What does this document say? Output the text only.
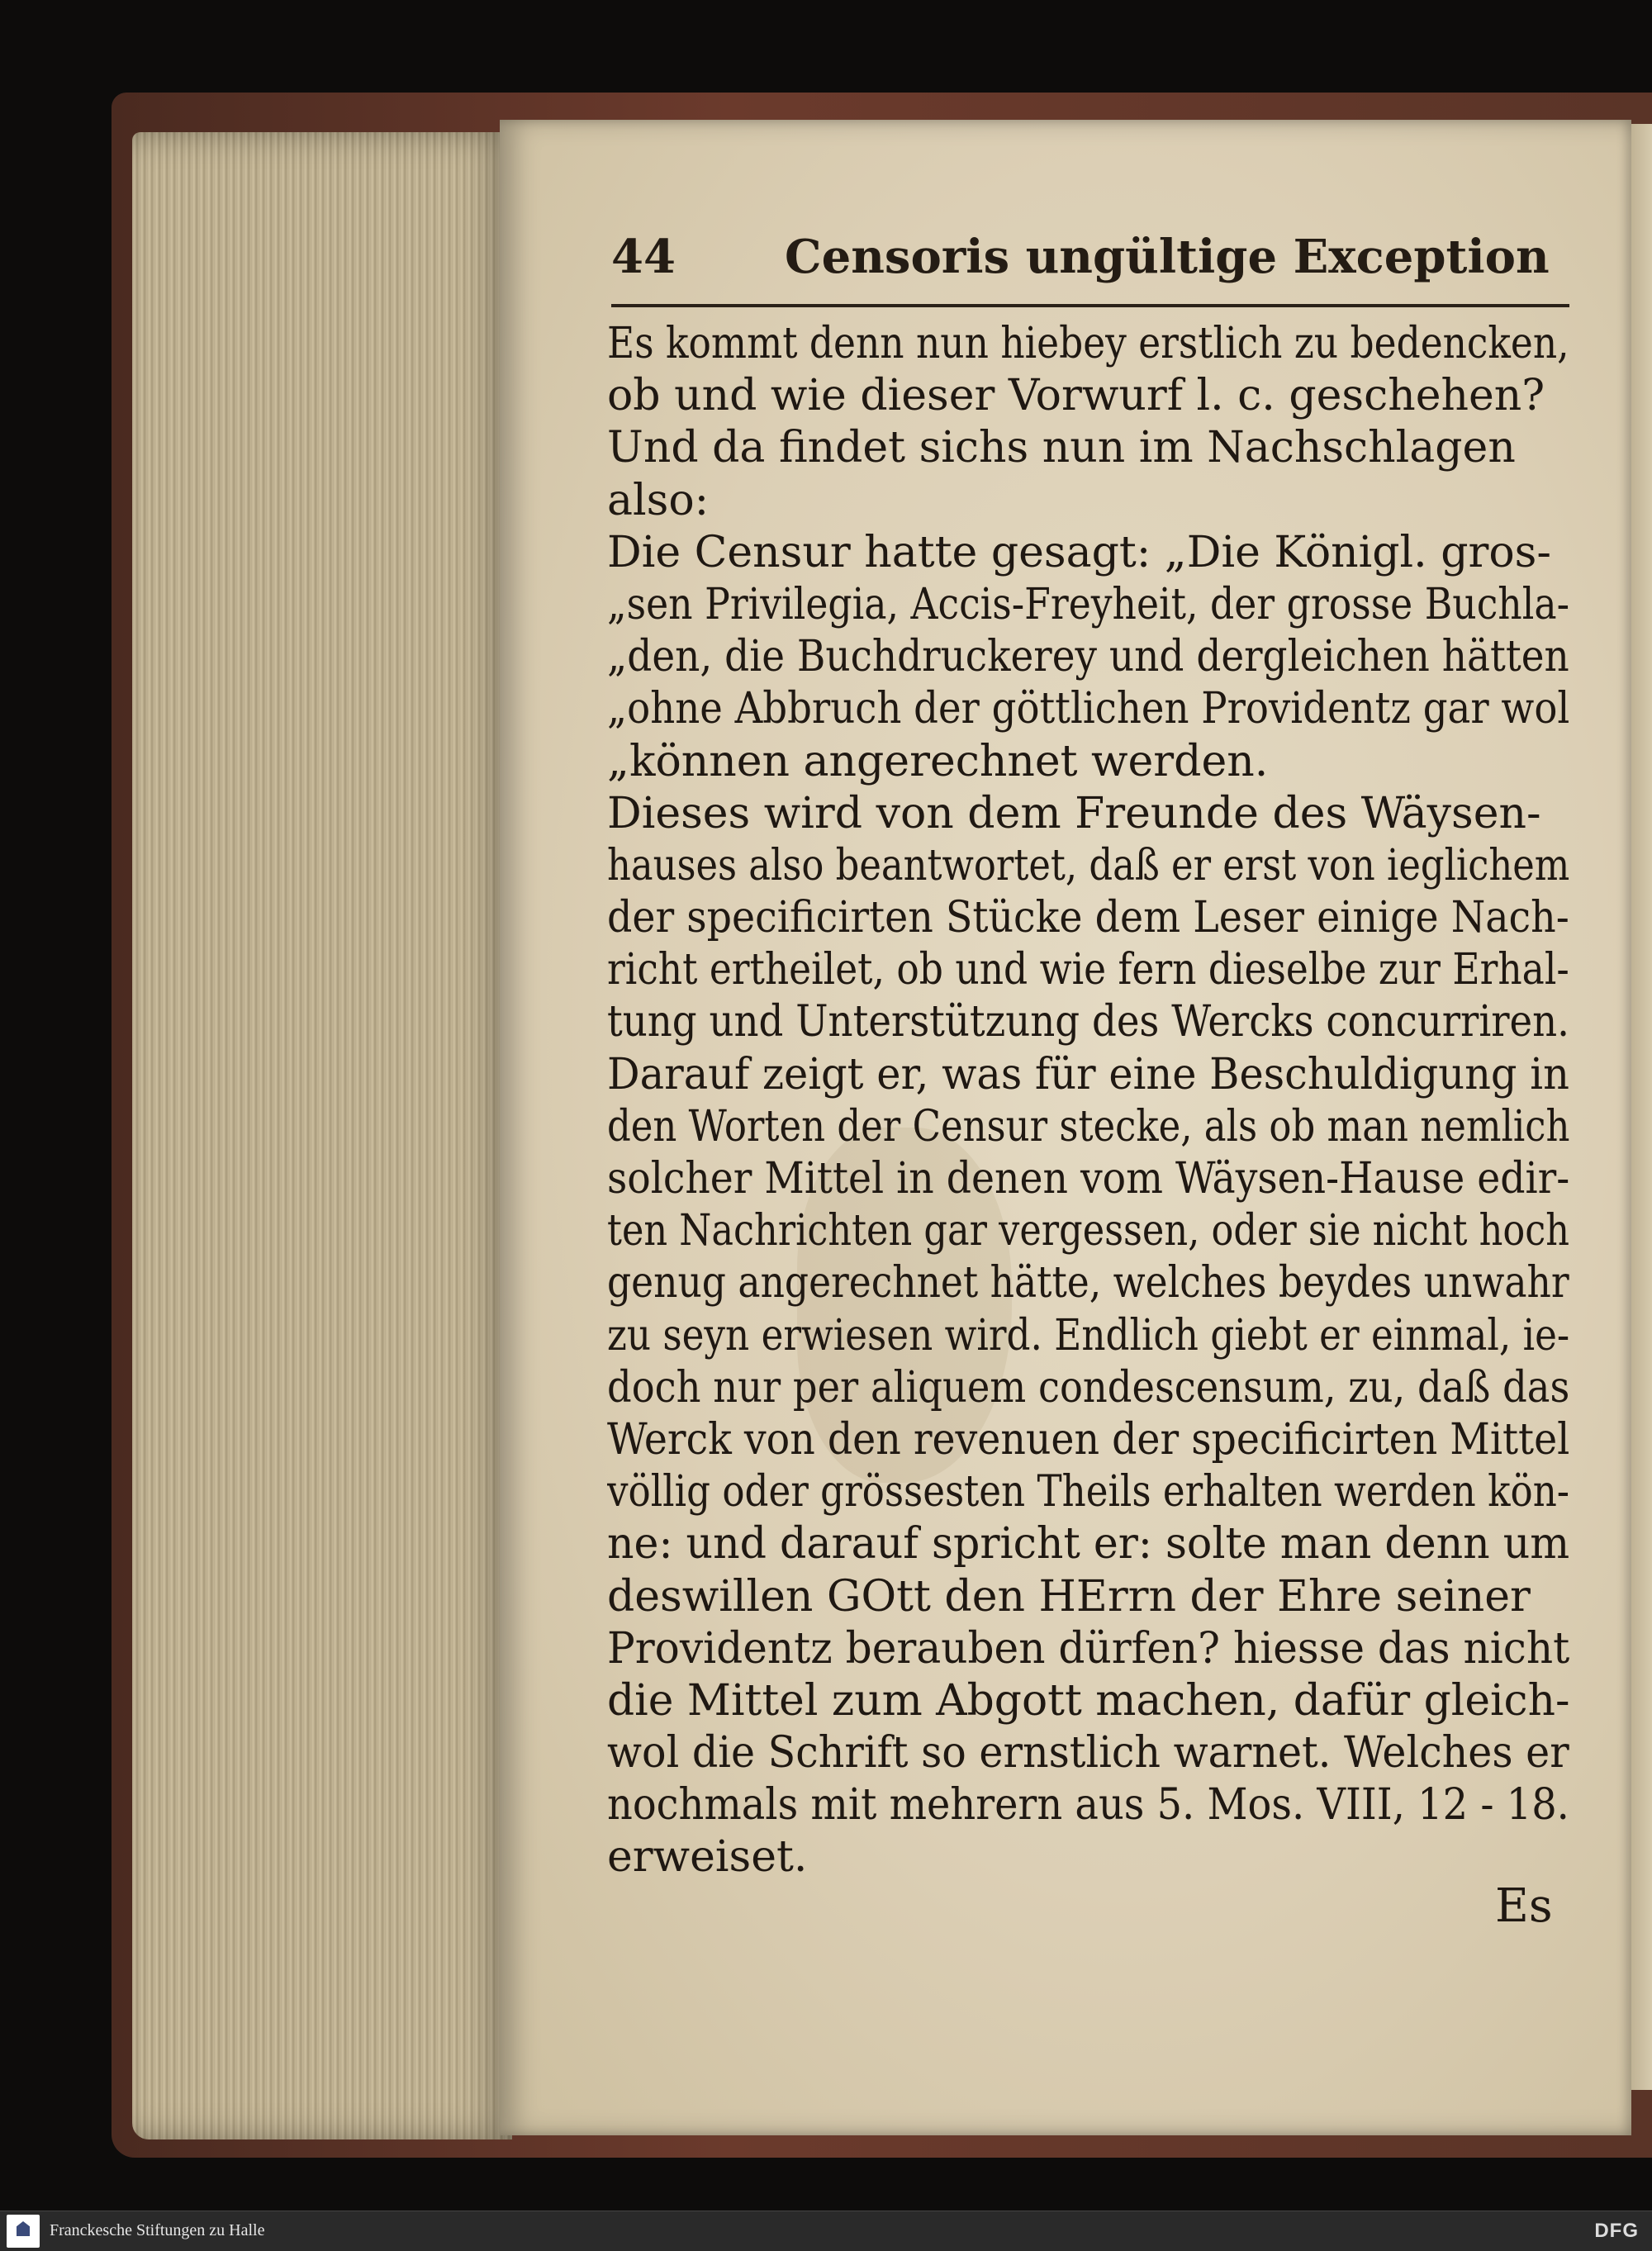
44 Censoris ungültige Exception
Es kommt denn nun hiebey erstlich zu bedencken,
ob und wie dieser Vorwurf l. c. geschehen?
Und da findet sichs nun im Nachschlagen
also:
Die Censur hatte gesagt: „Die Königl. gros-
„sen Privilegia, Accis-Freyheit, der grosse Buchla-
„den, die Buchdruckerey und dergleichen hätten
„ohne Abbruch der göttlichen Providentz gar wol
„können angerechnet werden.
Dieses wird von dem Freunde des Wäysen-
hauses also beantwortet, daß er erst von ieglichem
der specificirten Stücke dem Leser einige Nach-
richt ertheilet, ob und wie fern dieselbe zur Erhal-
tung und Unterstützung des Wercks concurriren.
Darauf zeigt er, was für eine Beschuldigung in
den Worten der Censur stecke, als ob man nemlich
solcher Mittel in denen vom Wäysen-Hause edir-
ten Nachrichten gar vergessen, oder sie nicht hoch
genug angerechnet hätte, welches beydes unwahr
zu seyn erwiesen wird. Endlich giebt er einmal, ie-
doch nur per aliquem condescensum, zu, daß das
Werck von den revenuen der specificirten Mittel
völlig oder grössesten Theils erhalten werden kön-
ne: und darauf spricht er: solte man denn um
deswillen GOtt den HErrn der Ehre seiner
Providentz berauben dürfen? hiesse das nicht
die Mittel zum Abgott machen, dafür gleich-
wol die Schrift so ernstlich warnet. Welches er
nochmals mit mehrern aus 5. Mos. VIII, 12 - 18.
erweiset.
Es
Franckesche Stiftungen zu Halle	DFG
